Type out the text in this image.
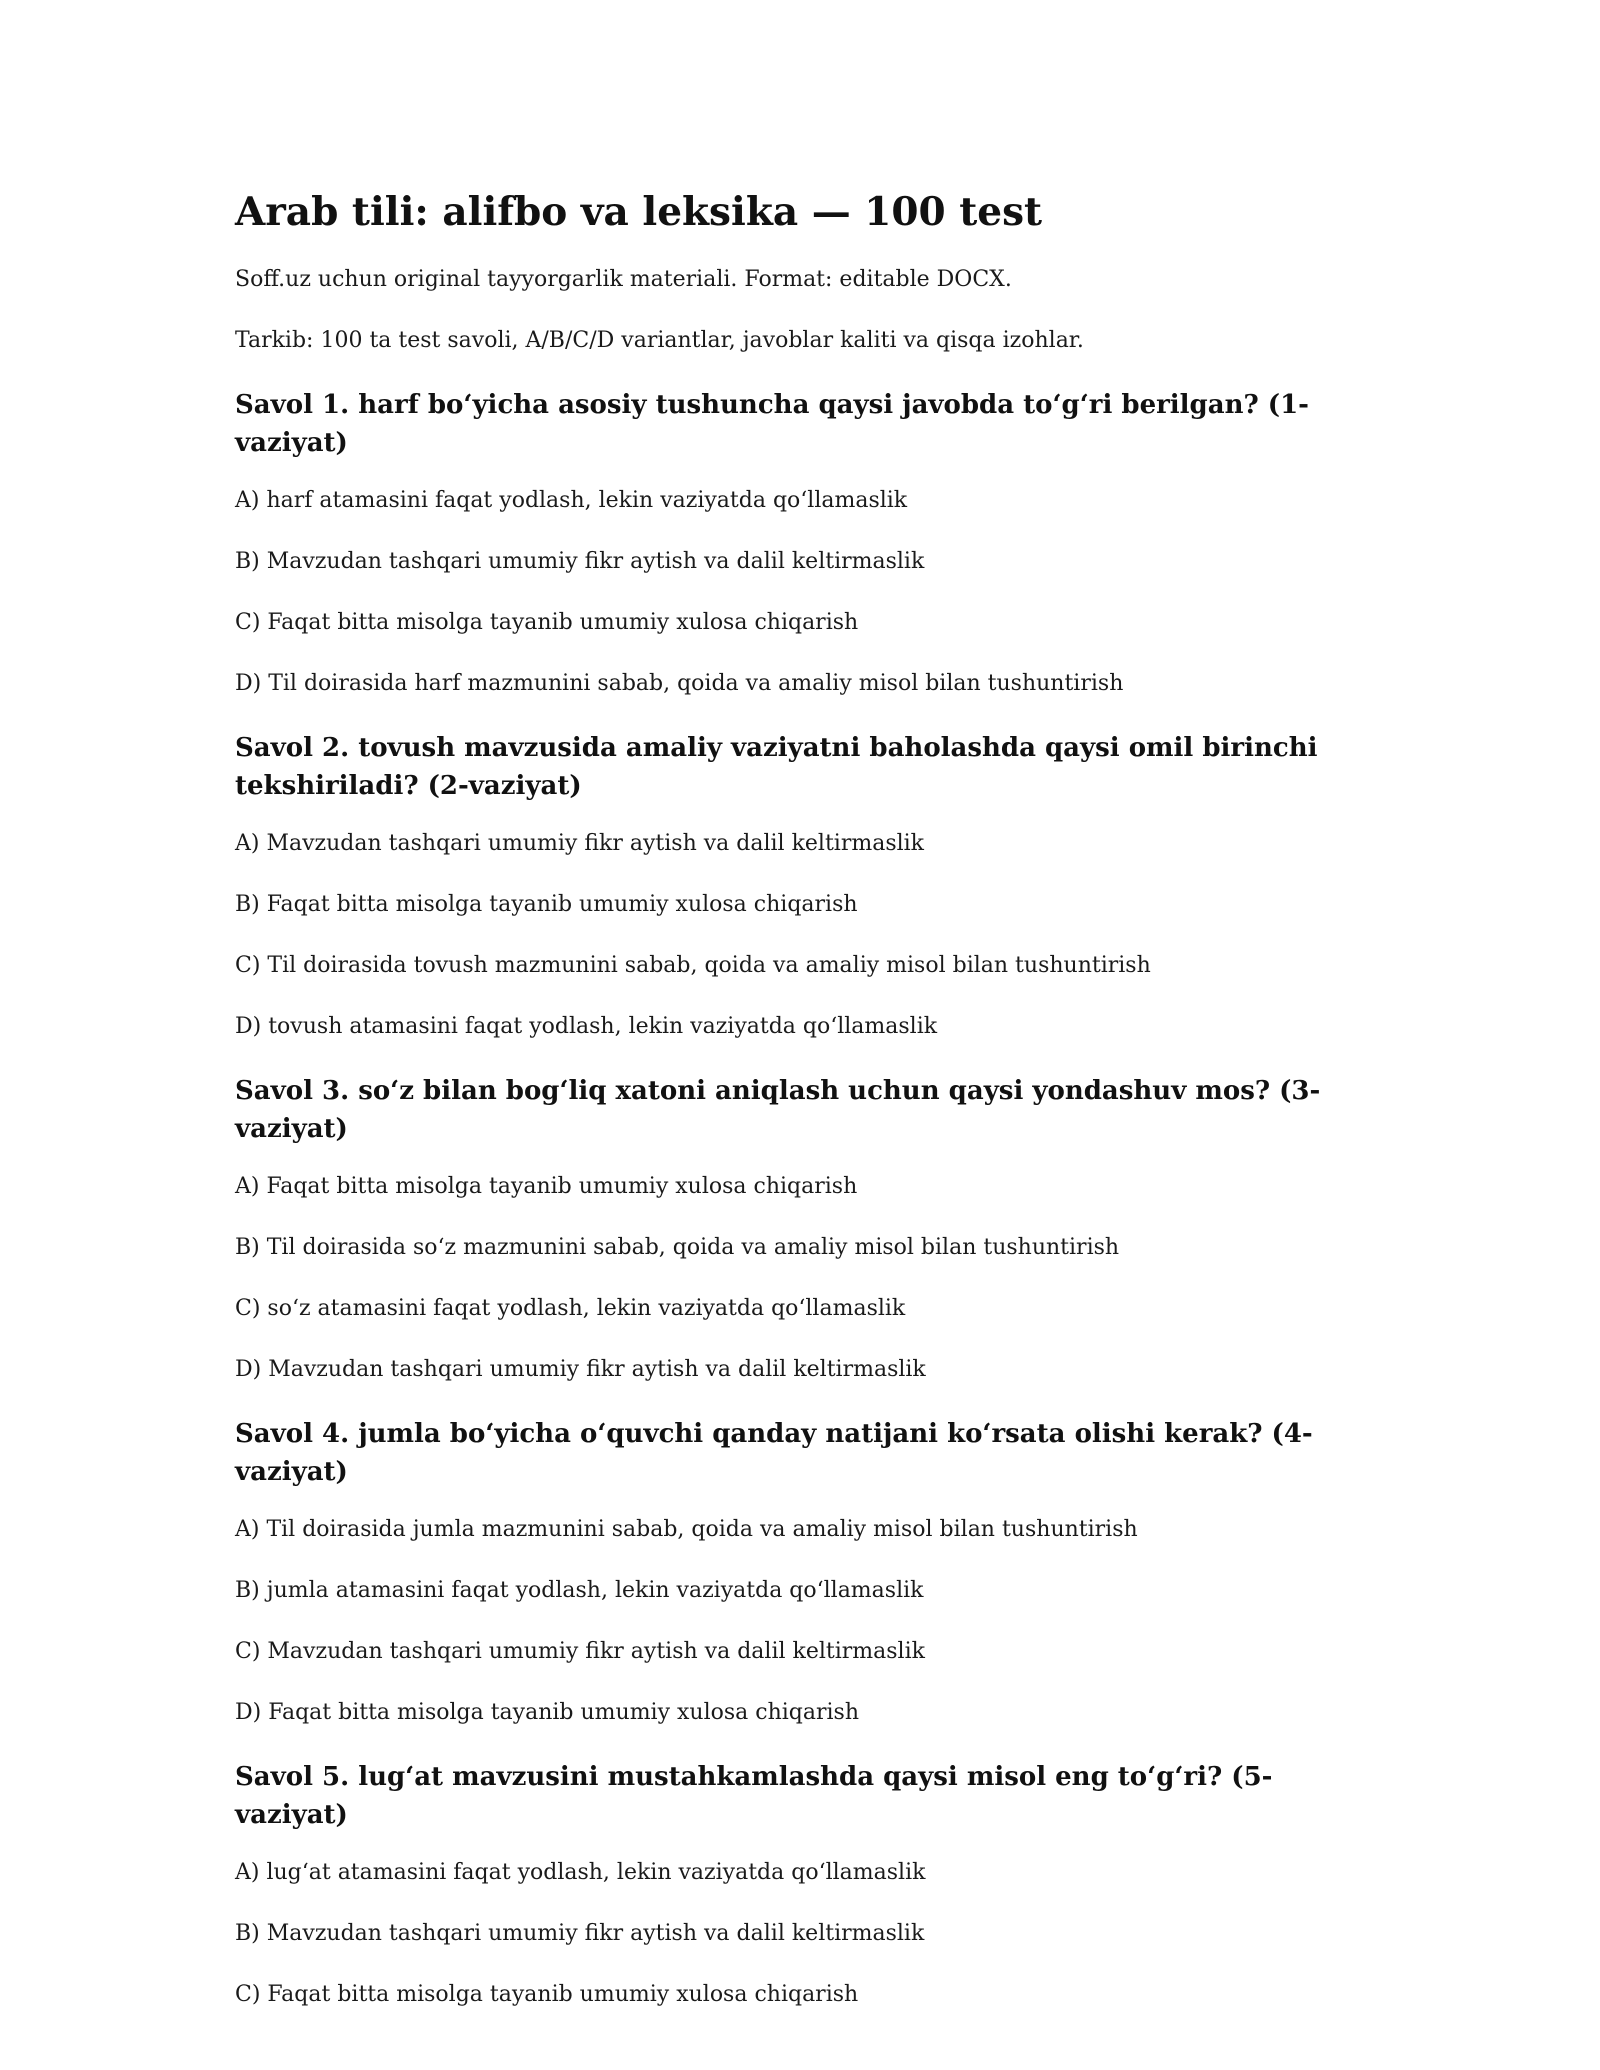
Arab tili: alifbo va leksika — 100 test

Soff.uz uchun original tayyorgarlik materiali. Format: editable DOCX.

Tarkib: 100 ta test savoli, A/B/C/D variantlar, javoblar kaliti va qisqa izohlar.

Savol 1. harf bo‘yicha asosiy tushuncha qaysi javobda to‘g‘ri berilgan? (1-vaziyat)

A) harf atamasini faqat yodlash, lekin vaziyatda qo‘llamaslik

B) Mavzudan tashqari umumiy fikr aytish va dalil keltirmaslik

C) Faqat bitta misolga tayanib umumiy xulosa chiqarish

D) Til doirasida harf mazmunini sabab, qoida va amaliy misol bilan tushuntirish

Savol 2. tovush mavzusida amaliy vaziyatni baholashda qaysi omil birinchi tekshiriladi? (2-vaziyat)

A) Mavzudan tashqari umumiy fikr aytish va dalil keltirmaslik

B) Faqat bitta misolga tayanib umumiy xulosa chiqarish

C) Til doirasida tovush mazmunini sabab, qoida va amaliy misol bilan tushuntirish

D) tovush atamasini faqat yodlash, lekin vaziyatda qo‘llamaslik

Savol 3. so‘z bilan bog‘liq xatoni aniqlash uchun qaysi yondashuv mos? (3-vaziyat)

A) Faqat bitta misolga tayanib umumiy xulosa chiqarish

B) Til doirasida so‘z mazmunini sabab, qoida va amaliy misol bilan tushuntirish

C) so‘z atamasini faqat yodlash, lekin vaziyatda qo‘llamaslik

D) Mavzudan tashqari umumiy fikr aytish va dalil keltirmaslik

Savol 4. jumla bo‘yicha o‘quvchi qanday natijani ko‘rsata olishi kerak? (4-vaziyat)

A) Til doirasida jumla mazmunini sabab, qoida va amaliy misol bilan tushuntirish

B) jumla atamasini faqat yodlash, lekin vaziyatda qo‘llamaslik

C) Mavzudan tashqari umumiy fikr aytish va dalil keltirmaslik

D) Faqat bitta misolga tayanib umumiy xulosa chiqarish

Savol 5. lug‘at mavzusini mustahkamlashda qaysi misol eng to‘g‘ri? (5-vaziyat)

A) lug‘at atamasini faqat yodlash, lekin vaziyatda qo‘llamaslik

B) Mavzudan tashqari umumiy fikr aytish va dalil keltirmaslik

C) Faqat bitta misolga tayanib umumiy xulosa chiqarish
